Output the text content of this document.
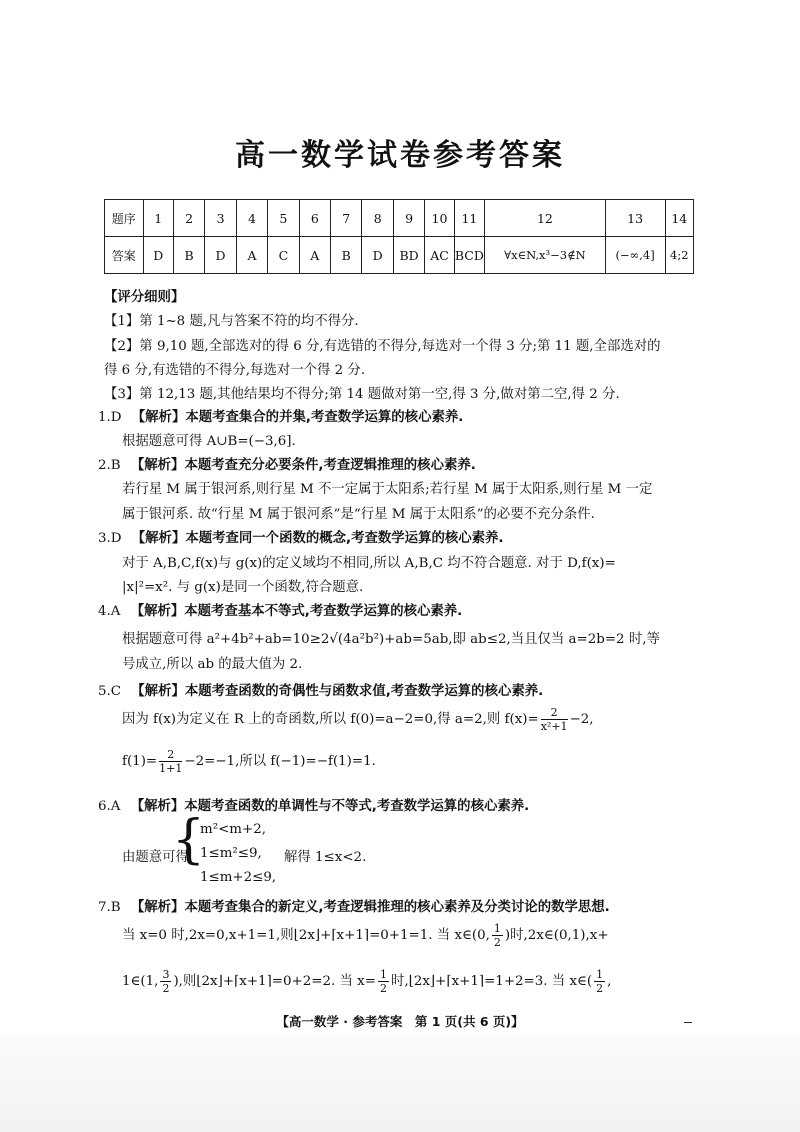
高一数学试卷参考答案
题序	1	2	3	4	5	6	7	8	9	10	11	12	13	14
答案	D	B	D	A	C	A	B	D	BD	AC	BCD	∀x∈N,x³−3∉N	(−∞,4]	4;2
【评分细则】
【1】第 1~8 题,凡与答案不符的均不得分.
【2】第 9,10 题,全部选对的得 6 分,有选错的不得分,每选对一个得 3 分;第 11 题,全部选对的
得 6 分,有选错的不得分,每选对一个得 2 分.
【3】第 12,13 题,其他结果均不得分;第 14 题做对第一空,得 3 分,做对第二空,得 2 分.
1.D 【解析】本题考查集合的并集,考查数学运算的核心素养.
根据题意可得 A∪B=(−3,6].
2.B 【解析】本题考查充分必要条件,考查逻辑推理的核心素养.
若行星 M 属于银河系,则行星 M 不一定属于太阳系;若行星 M 属于太阳系,则行星 M 一定
属于银河系. 故“行星 M 属于银河系”是“行星 M 属于太阳系”的必要不充分条件.
3.D 【解析】本题考查同一个函数的概念,考查数学运算的核心素养.
对于 A,B,C,f(x)与 g(x)的定义域均不相同,所以 A,B,C 均不符合题意. 对于 D,f(x)=
|x|²=x². 与 g(x)是同一个函数,符合题意.
4.A 【解析】本题考查基本不等式,考查数学运算的核心素养.
根据题意可得 a²+4b²+ab=10≥2√(4a²b²)+ab=5ab,即 ab≤2,当且仅当 a=2b=2 时,等
号成立,所以 ab 的最大值为 2.
5.C 【解析】本题考查函数的奇偶性与函数求值,考查数学运算的核心素养.
因为 f(x)为定义在 R 上的奇函数,所以 f(0)=a−2=0,得 a=2,则 $f(x)= \frac{2}{\text{x²+1}} -2$,
$f(1)= \frac{2}{1+1} -2=-1$,所以 f(−1)=−f(1)=1.
6.A 【解析】本题考查函数的单调性与不等式,考查数学运算的核心素养.
{
m²<m+2,
由题意可得 1≤m²≤9, 解得 1≤x<2.
1≤m+2≤9,
7.B 【解析】本题考查集合的新定义,考查逻辑推理的核心素养及分类讨论的数学思想.
当 x=0 时,2x=0,x+1=1,则⌊2x⌋+⌈x+1⌉=0+1=1. 当 x∈(0, $\frac{1}{2}$ )时,2x∈(0,1),x+
1∈(1, $\frac{3}{2}$ ),则⌊2x⌋+⌈x+1⌉=0+2=2. 当 $x= \frac{1}{2}$ 时,⌊2x⌋+⌈x+1⌉=1+2=3. 当 x∈( $\frac{1}{2}$ ,
【高一数学 · 参考答案　第 1 页(共 6 页)】
